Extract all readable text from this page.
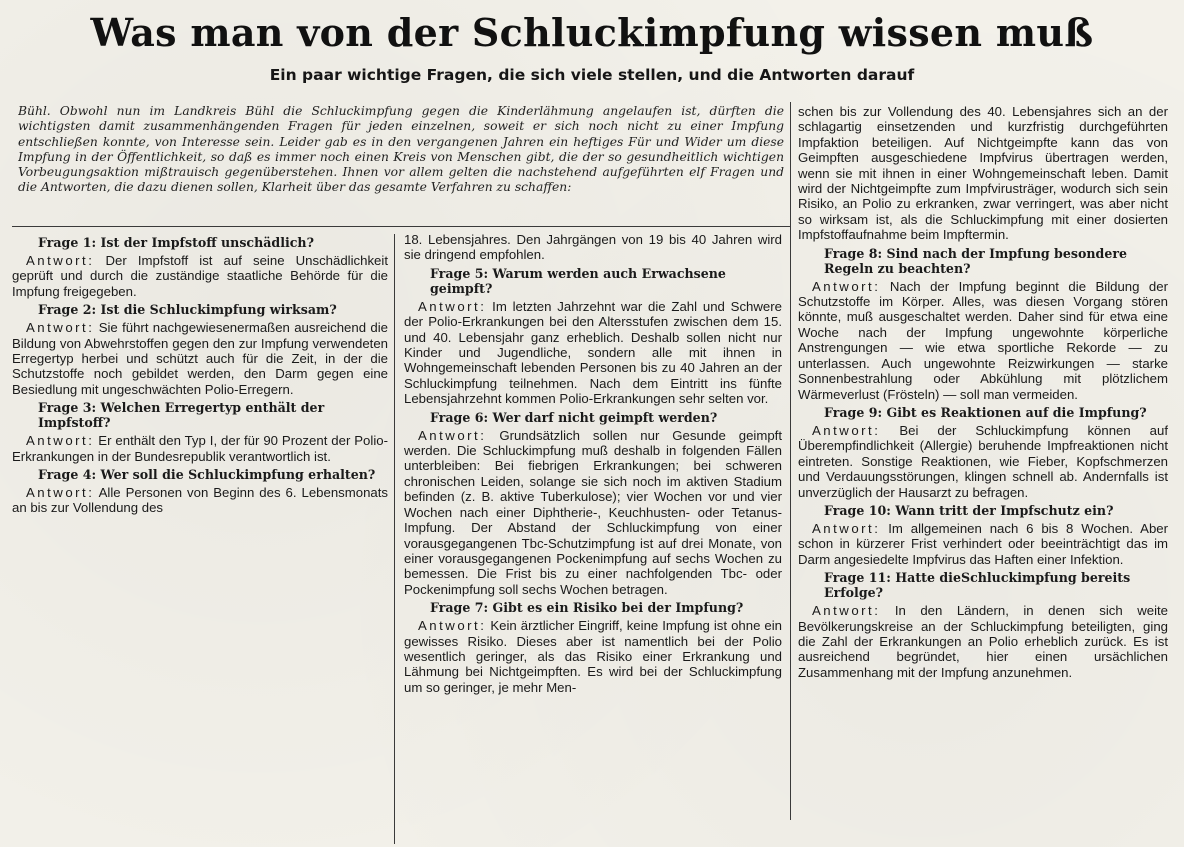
Was man von der Schluckimpfung wissen muß
Ein paar wichtige Fragen, die sich viele stellen, und die Antworten darauf
Bühl. Obwohl nun im Landkreis Bühl die Schluckimpfung gegen die Kinderlähmung angelaufen ist, dürften die wichtigsten damit zusammenhängenden Fragen für jeden einzelnen, soweit er sich noch nicht zu einer Impfung entschließen konnte, von Interesse sein. Leider gab es in den vergangenen Jahren ein heftiges Für und Wider um diese Impfung in der Öffentlichkeit, so daß es immer noch einen Kreis von Menschen gibt, die der so gesundheitlich wichtigen Vorbeugungsaktion mißtrauisch gegenüberstehen. Ihnen vor allem gelten die nachstehend aufgeführten elf Fragen und die Antworten, die dazu dienen sollen, Klarheit über das gesamte Verfahren zu schaffen:
Frage 1: Ist der Impfstoff unschädlich?

Antwort: Der Impfstoff ist auf seine Unschädlichkeit geprüft und durch die zuständige staatliche Behörde für die Impfung freigegeben.

Frage 2: Ist die Schluckimpfung wirksam?

Antwort: Sie führt nachgewiesenermaßen ausreichend die Bildung von Abwehrstoffen gegen den zur Impfung verwendeten Erregertyp herbei und schützt auch für die Zeit, in der die Schutzstoffe noch gebildet werden, den Darm gegen eine Besiedlung mit ungeschwächten Polio-Erregern.

Frage 3: Welchen Erregertyp enthält der Impfstoff?

Antwort: Er enthält den Typ I, der für 90 Prozent der Polio-Erkrankungen in der Bundesrepublik verantwortlich ist.

Frage 4: Wer soll die Schluckimpfung erhalten?

Antwort: Alle Personen von Beginn des 6. Lebensmonats an bis zur Vollendung des

18. Lebensjahres. Den Jahrgängen von 19 bis 40 Jahren wird sie dringend empfohlen.

Frage 5: Warum werden auch Erwachsene geimpft?

Antwort: Im letzten Jahrzehnt war die Zahl und Schwere der Polio-Erkrankungen bei den Altersstufen zwischen dem 15. und 40. Lebensjahr ganz erheblich. Deshalb sollen nicht nur Kinder und Jugendliche, sondern alle mit ihnen in Wohngemeinschaft lebenden Personen bis zu 40 Jahren an der Schluckimpfung teilnehmen. Nach dem Eintritt ins fünfte Lebensjahrzehnt kommen Polio-Erkrankungen sehr selten vor.

Frage 6: Wer darf nicht geimpft werden?

Antwort: Grundsätzlich sollen nur Gesunde geimpft werden. Die Schluckimpfung muß deshalb in folgenden Fällen unterbleiben: Bei fiebrigen Erkrankungen; bei schweren chronischen Leiden, solange sie sich noch im aktiven Stadium befinden (z. B. aktive Tuberkulose); vier Wochen vor und vier Wochen nach einer Diphtherie-, Keuchhusten- oder Tetanus-Impfung. Der Abstand der Schluckimpfung von einer vorausgegangenen Tbc-Schutzimpfung ist auf drei Monate, von einer vorausgegangenen Pockenimpfung auf sechs Wochen zu bemessen. Die Frist bis zu einer nachfolgenden Tbc- oder Pockenimpfung soll sechs Wochen betragen.

Frage 7: Gibt es ein Risiko bei der Impfung?

Antwort: Kein ärztlicher Eingriff, keine Impfung ist ohne ein gewisses Risiko. Dieses aber ist namentlich bei der Polio wesentlich geringer, als das Risiko einer Erkrankung und Lähmung bei Nichtgeimpften. Es wird bei der Schluckimpfung um so geringer, je mehr Men-

schen bis zur Vollendung des 40. Lebensjahres sich an der schlagartig einsetzenden und kurzfristig durchgeführten Impfaktion beteiligen. Auf Nichtgeimpfte kann das von Geimpften ausgeschiedene Impfvirus übertragen werden, wenn sie mit ihnen in einer Wohngemeinschaft leben. Damit wird der Nichtgeimpfte zum Impfvirusträger, wodurch sich sein Risiko, an Polio zu erkranken, zwar verringert, was aber nicht so wirksam ist, als die Schluckimpfung mit einer dosierten Impfstoffaufnahme beim Impftermin.

Frage 8: Sind nach der Impfung besondere Regeln zu beachten?

Antwort: Nach der Impfung beginnt die Bildung der Schutzstoffe im Körper. Alles, was diesen Vorgang stören könnte, muß ausgeschaltet werden. Daher sind für etwa eine Woche nach der Impfung ungewohnte körperliche Anstrengungen — wie etwa sportliche Rekorde — zu unterlassen. Auch ungewohnte Reizwirkungen — starke Sonnenbestrahlung oder Abkühlung mit plötzlichem Wärmeverlust (Frösteln) — soll man vermeiden.

Frage 9: Gibt es Reaktionen auf die Impfung?

Antwort: Bei der Schluckimpfung können auf Überempfindlichkeit (Allergie) beruhende Impfreaktionen nicht eintreten. Sonstige Reaktionen, wie Fieber, Kopfschmerzen und Verdauungsstörungen, klingen schnell ab. Andernfalls ist unverzüglich der Hausarzt zu befragen.

Frage 10: Wann tritt der Impfschutz ein?

Antwort: Im allgemeinen nach 6 bis 8 Wochen. Aber schon in kürzerer Frist verhindert oder beeinträchtigt das im Darm angesiedelte Impfvirus das Haften einer Infektion.

Frage 11: Hatte dieSchluckimpfung bereits Erfolge?

Antwort: In den Ländern, in denen sich weite Bevölkerungskreise an der Schluckimpfung beteiligten, ging die Zahl der Erkrankungen an Polio erheblich zurück. Es ist ausreichend begründet, hier einen ursächlichen Zusammenhang mit der Impfung anzunehmen.
